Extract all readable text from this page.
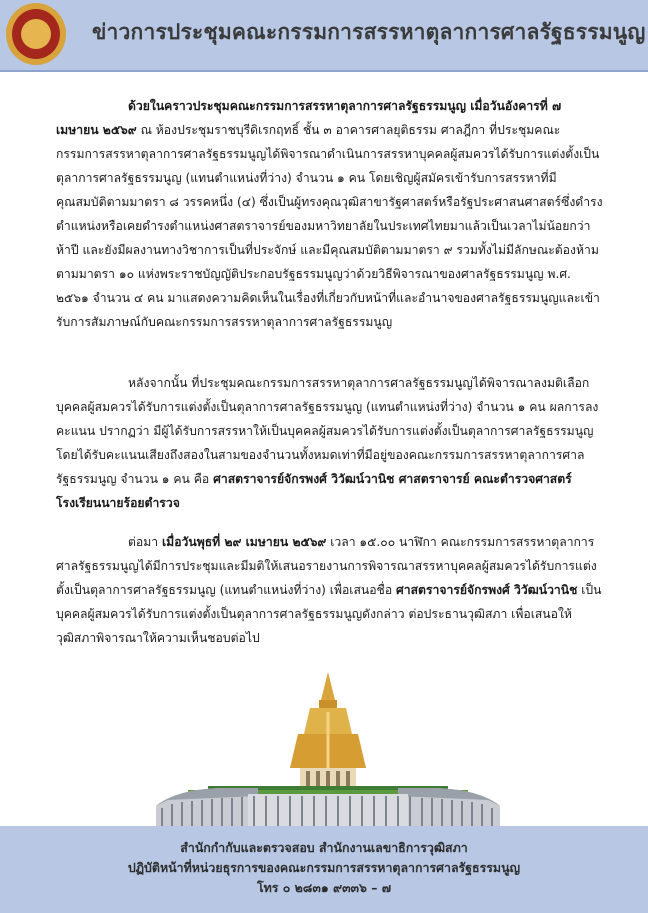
ข่าวการประชุมคณะกรรมการสรรหาตุลาการศาลรัฐธรรมนูญ

ด้วยในคราวประชุมคณะกรรมการสรรหาตุลาการศาลรัฐธรรมนูญ เมื่อวันอังคารที่ ๗ เมษายน ๒๕๖๙ ณ ห้องประชุมราชบุรีดิเรกฤทธิ์ ชั้น ๓ อาคารศาลยุติธรรม ศาลฎีกา ที่ประชุมคณะกรรมการสรรหาตุลาการศาลรัฐธรรมนูญได้พิจารณาดำเนินการสรรหาบุคคลผู้สมควรได้รับการแต่งตั้งเป็นตุลาการศาลรัฐธรรมนูญ (แทนตำแหน่งที่ว่าง) จำนวน ๑ คน โดยเชิญผู้สมัครเข้ารับการสรรหาที่มีคุณสมบัติตามมาตรา ๘ วรรคหนึ่ง (๔) ซึ่งเป็นผู้ทรงคุณวุฒิสาขารัฐศาสตร์หรือรัฐประศาสนศาสตร์ซึ่งดำรงตำแหน่งหรือเคยดำรงตำแหน่งศาสตราจารย์ของมหาวิทยาลัยในประเทศไทยมาแล้วเป็นเวลาไม่น้อยกว่าห้าปี และยังมีผลงานทางวิชาการเป็นที่ประจักษ์ และมีคุณสมบัติตามมาตรา ๙ รวมทั้งไม่มีลักษณะต้องห้ามตามมาตรา ๑๐ แห่งพระราชบัญญัติประกอบรัฐธรรมนูญว่าด้วยวิธีพิจารณาของศาลรัฐธรรมนูญ พ.ศ. ๒๕๖๑ จำนวน ๔ คน มาแสดงความคิดเห็นในเรื่องที่เกี่ยวกับหน้าที่และอำนาจของศาลรัฐธรรมนูญและเข้ารับการสัมภาษณ์กับคณะกรรมการสรรหาตุลาการศาลรัฐธรรมนูญ

หลังจากนั้น ที่ประชุมคณะกรรมการสรรหาตุลาการศาลรัฐธรรมนูญได้พิจารณาลงมติเลือกบุคคลผู้สมควรได้รับการแต่งตั้งเป็นตุลาการศาลรัฐธรรมนูญ (แทนตำแหน่งที่ว่าง) จำนวน ๑ คน ผลการลงคะแนน ปรากฏว่า มีผู้ได้รับการสรรหาให้เป็นบุคคลผู้สมควรได้รับการแต่งตั้งเป็นตุลาการศาลรัฐธรรมนูญ โดยได้รับคะแนนเสียงถึงสองในสามของจำนวนทั้งหมดเท่าที่มีอยู่ของคณะกรรมการสรรหาตุลาการศาลรัฐธรรมนูญ จำนวน ๑ คน คือ ศาสตราจารย์จักรพงศ์ วิวัฒน์วานิช ศาสตราจารย์ คณะตำรวจศาสตร์ โรงเรียนนายร้อยตำรวจ

ต่อมา เมื่อวันพุธที่ ๒๙ เมษายน ๒๕๖๙ เวลา ๑๕.๐๐ นาฬิกา คณะกรรมการสรรหาตุลาการศาลรัฐธรรมนูญได้มีการประชุมและมีมติให้เสนอรายงานการพิจารณาสรรหาบุคคลผู้สมควรได้รับการแต่งตั้งเป็นตุลาการศาลรัฐธรรมนูญ (แทนตำแหน่งที่ว่าง) เพื่อเสนอชื่อ ศาสตราจารย์จักรพงศ์ วิวัฒน์วานิช เป็นบุคคลผู้สมควรได้รับการแต่งตั้งเป็นตุลาการศาลรัฐธรรมนูญดังกล่าว ต่อประธานวุฒิสภา เพื่อเสนอให้วุฒิสภาพิจารณาให้ความเห็นชอบต่อไป

สำนักกำกับและตรวจสอบ สำนักงานเลขาธิการวุฒิสภา
ปฏิบัติหน้าที่หน่วยธุรการของคณะกรรมการสรรหาตุลาการศาลรัฐธรรมนูญ
โทร ๐ ๒๘๓๑ ๙๓๓๖ – ๗
